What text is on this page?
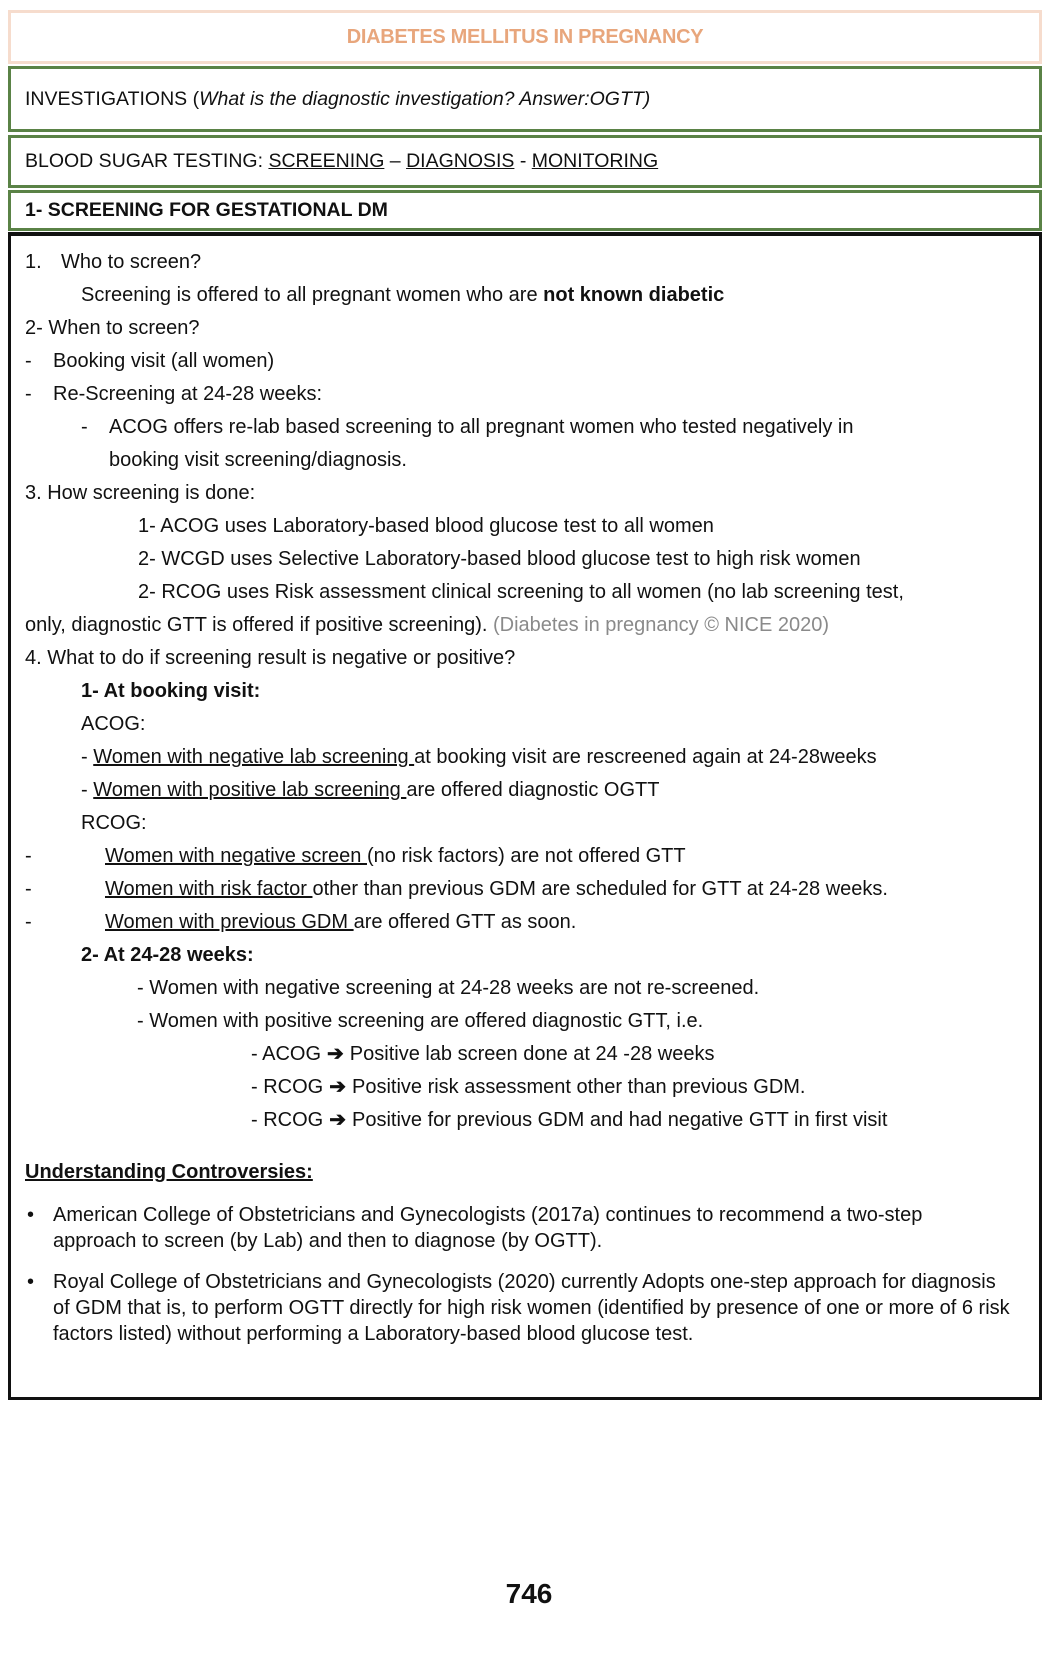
DIABETES MELLITUS IN PREGNANCY
INVESTIGATIONS ( What is the diagnostic investigation? Answer:OGTT)
BLOOD SUGAR TESTING: SCREENING – DIAGNOSIS - MONITORING
1- SCREENING FOR GESTATIONAL DM
1. Who to screen?
Screening is offered to all pregnant women who are not known diabetic
2- When to screen?
- Booking visit (all women)
- Re-Screening at 24-28 weeks:
- ACOG offers re-lab based screening to all pregnant women who tested negatively in
booking visit screening/diagnosis.
3. How screening is done:
1- ACOG uses Laboratory-based blood glucose test to all women
2- WCGD uses Selective Laboratory-based blood glucose test to high risk women
2- RCOG uses Risk assessment clinical screening to all women (no lab screening test,
only, diagnostic GTT is offered if positive screening). (Diabetes in pregnancy © NICE 2020)
4. What to do if screening result is negative or positive?
1- At booking visit:
ACOG:
- Women with negative lab screening at booking visit are rescreened again at 24-28weeks
- Women with positive lab screening are offered diagnostic OGTT
RCOG:
-	Women with negative screen (no risk factors) are not offered GTT
-	Women with risk factor other than previous GDM are scheduled for GTT at 24-28 weeks.
-	Women with previous GDM are offered GTT as soon.
2- At 24-28 weeks:
- Women with negative screening at 24-28 weeks are not re-screened.
- Women with positive screening are offered diagnostic GTT, i.e.
- ACOG ➔ Positive lab screen done at 24 -28 weeks
- RCOG ➔ Positive risk assessment other than previous GDM.
- RCOG ➔ Positive for previous GDM and had negative GTT in first visit
Understanding Controversies:
• American College of Obstetricians and Gynecologists (2017a) continues to recommend a two-step approach to screen (by Lab) and then to diagnose (by OGTT).
• Royal College of Obstetricians and Gynecologists (2020) currently Adopts one-step approach for diagnosis of GDM that is, to perform OGTT directly for high risk women (identified by presence of one or more of 6 risk factors listed) without performing a Laboratory-based blood glucose test.
746
